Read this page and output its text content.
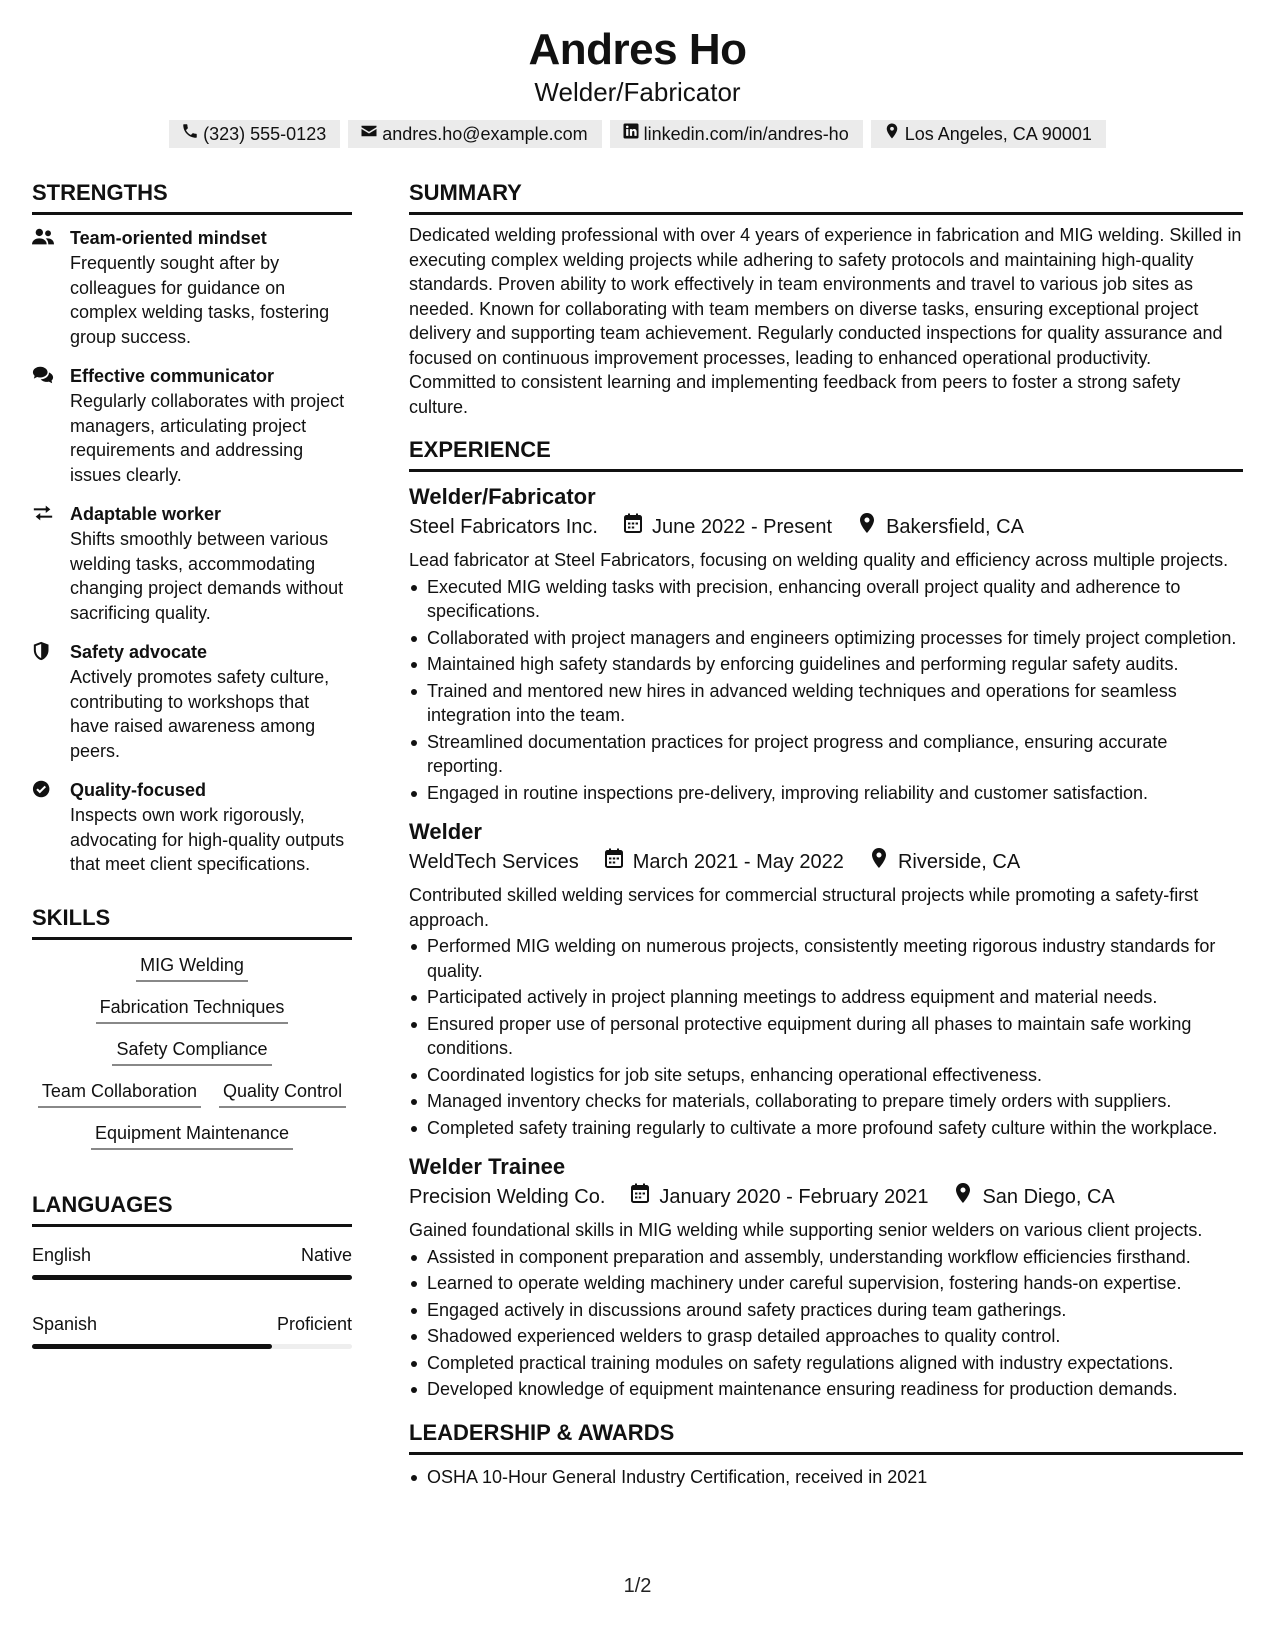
Andres Ho
Welder/Fabricator
(323) 555-0123	andres.ho@example.com	linkedin.com/in/andres-ho	Los Angeles, CA 90001
STRENGTHS
Team-oriented mindset
Frequently sought after by colleagues for guidance on complex welding tasks, fostering group success.
Effective communicator
Regularly collaborates with project managers, articulating project requirements and addressing issues clearly.
Adaptable worker
Shifts smoothly between various welding tasks, accommodating changing project demands without sacrificing quality.
Safety advocate
Actively promotes safety culture, contributing to workshops that have raised awareness among peers.
Quality-focused
Inspects own work rigorously, advocating for high-quality outputs that meet client specifications.
SKILLS
MIG Welding
Fabrication Techniques
Safety Compliance
Team Collaboration Quality Control
Equipment Maintenance
LANGUAGES
English	Native
Spanish	Proficient
SUMMARY
Dedicated welding professional with over 4 years of experience in fabrication and MIG welding. Skilled in executing complex welding projects while adhering to safety protocols and maintaining high-quality standards. Proven ability to work effectively in team environments and travel to various job sites as needed. Known for collaborating with team members on diverse tasks, ensuring exceptional project delivery and supporting team achievement. Regularly conducted inspections for quality assurance and focused on continuous improvement processes, leading to enhanced operational productivity. Committed to consistent learning and implementing feedback from peers to foster a strong safety culture.
EXPERIENCE
Welder/Fabricator
Steel Fabricators Inc.	June 2022 - Present	Bakersfield, CA
Lead fabricator at Steel Fabricators, focusing on welding quality and efficiency across multiple projects.
Executed MIG welding tasks with precision, enhancing overall project quality and adherence to specifications.
Collaborated with project managers and engineers optimizing processes for timely project completion.
Maintained high safety standards by enforcing guidelines and performing regular safety audits.
Trained and mentored new hires in advanced welding techniques and operations for seamless integration into the team.
Streamlined documentation practices for project progress and compliance, ensuring accurate reporting.
Engaged in routine inspections pre-delivery, improving reliability and customer satisfaction.
Welder
WeldTech Services	March 2021 - May 2022	Riverside, CA
Contributed skilled welding services for commercial structural projects while promoting a safety-first approach.
Performed MIG welding on numerous projects, consistently meeting rigorous industry standards for quality.
Participated actively in project planning meetings to address equipment and material needs.
Ensured proper use of personal protective equipment during all phases to maintain safe working conditions.
Coordinated logistics for job site setups, enhancing operational effectiveness.
Managed inventory checks for materials, collaborating to prepare timely orders with suppliers.
Completed safety training regularly to cultivate a more profound safety culture within the workplace.
Welder Trainee
Precision Welding Co.	January 2020 - February 2021	San Diego, CA
Gained foundational skills in MIG welding while supporting senior welders on various client projects.
Assisted in component preparation and assembly, understanding workflow efficiencies firsthand.
Learned to operate welding machinery under careful supervision, fostering hands-on expertise.
Engaged actively in discussions around safety practices during team gatherings.
Shadowed experienced welders to grasp detailed approaches to quality control.
Completed practical training modules on safety regulations aligned with industry expectations.
Developed knowledge of equipment maintenance ensuring readiness for production demands.
LEADERSHIP & AWARDS
OSHA 10-Hour General Industry Certification, received in 2021
1/2
